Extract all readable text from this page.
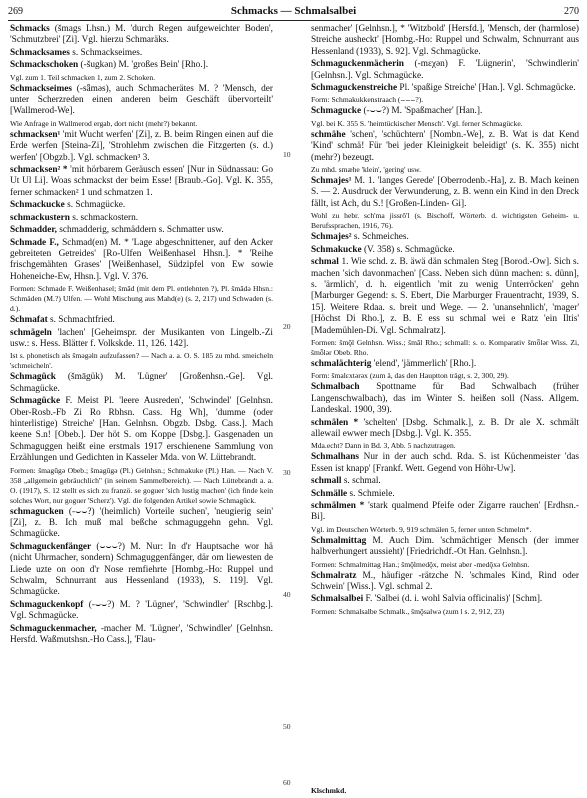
269	Schmacks — Schmalsalbei	270

Schmacks (šmags Lhsn.) M. 'durch Regen aufgeweichter Boden', 'Schmutzbrei' [Zi]. Vgl. hierzu Schmaräks.

Schmacksames s. Schmackseimes.

Schmackschoken (-šugkən) M. 'großes Bein' [Rho.].

Vgl. zum 1. Teil schmacken 1, zum 2. Schoken.

Schmackseimes (-sǟməs), auch Schmacherätes M. ? 'Mensch, der unter Scherzreden einen anderen beim Geschäft übervorteilt' [Wallmerod-We].

Wie Anfrage in Wallmerod ergab, dort nicht (mehr?) bekannt.

schmacksen¹ 'mit Wucht werfen' [Zi], z. B. beim Ringen einen auf die Erde werfen [Steina-Zi], 'Strohlehm zwischen die Fitzgerten (s. d.) werfen' [Obgzb.]. Vgl. schmacken³ 3.

schmacksen² * 'mit hörbarem Geräusch essen' [Nur in Südnassau: Go Ut Ul Li]. Woas schmackst der beim Esse! [Braub.-Go]. Vgl. K. 355, ferner schmacken² 1 und schmatzen 1.

Schmackucke s. Schmagücke.

schmackustern s. schmackostern.

Schmadder, schmadderig, schmäddern s. Schmatter usw.

Schmade F., Schmad(en) M. * 'Lage abgeschnittener, auf den Acker gebreiteten Getreides' [Ro-Ulfen Weißenhasel Hhsn.]. * 'Reihe frischgemähten Grases' [Weißenhasel, Südzipfel von Ew sowie Hoheneiche-Ew, Hhsn.]. Vgl. V. 376.

Formen: Schmade F. Weißenhasel; šmād (mit dem Pl. entlehnten ?), Pl. šmādə Hhsn.: Schmäden (M.?) Ulfen. — Wohl Mischung aus Mahd(e) (s. 2, 217) und Schwaden (s. d.).

Schmafat s. Schmachtfried.

schmägeln 'lachen' [Geheimspr. der Musikanten von Lingelb.-Zi usw.: s. Hess. Blätter f. Volkskde. 11, 126. 142].

Ist s. phonetisch als šməgəln aufzufassen? — Nach a. a. O. S. 185 zu mhd. smeicheln 'schmeicheln'.

Schmagück (šmāgük) M. 'Lügner' [Großenhsn.-Ge]. Vgl. Schmagücke.

Schmagücke F. Meist Pl. 'leere Ausreden', 'Schwindel' [Gelnhsn. Ober-Rosb.-Fb Zi Ro Rbhsn. Cass. Hg Wh], 'dumme (oder hinterlistige) Streiche' [Han. Gelnhsn. Obgzb. Dsbg. Cass.]. Mach keene S.n! [Obeb.]. Der höt S. om Koppe [Dsbg.]. Gasgenaden un Schmaguggen heißt eine erstmals 1917 erschienene Sammlung von Erzählungen und Gedichten in Kasseler Mda. von W. Lüttebrandt.

Formen: šmagūgə Obeb.; šmagūgə (Pl.) Gelnhsn.; Schmakuke (Pl.) Han. — Nach V. 358 „allgemein gebräuchlich" (in seinem Sammelbereich). — Nach Lüttebrandt a. a. O. (1917), S. 12 stellt es sich zu franzö. se goguer 'sich lustig machen' (ich finde kein solches Wort, nur goguer 'Scherz'). Vgl. die folgenden Artikel sowie Schmagück.

schmagucken (-⌣⌣?) '(heimlich) Vorteile suchen', 'neugierig sein' [Zi], z. B. Ich muß mal beßche schmaguggehn gehn. Vgl. Schmagücke.

Schmaguckenfänger (⌣⌣⌣?) M. Nur: In d'r Hauptsache wor hä (nicht Uhrmacher, sondern) Schmaguggenfänger, där om liewesten de Liede uzte on oon d'r Nose remfiehrte [Hombg.-Ho: Ruppel und Schwalm, Schnurrant aus Hessenland (1933), S. 119]. Vgl. Schmagücke.

Schmaguckenkopf (-⌣⌣?) M. ? 'Lügner', 'Schwindler' [Rschbg.]. Vgl. Schmagücke.

Schmaguckenmacher, -macher M. 'Lügner', 'Schwindler' [Gelnhsn. Hersfd. Waßmutshsn.-Ho Cass.], 'Flau-

senmacher' [Gelnhsn.], * 'Witzbold' [Hersfd.], 'Mensch, der (harmlose) Streiche ausheckt' [Hombg.-Ho: Ruppel und Schwalm, Schnurrant aus Hessenland (1933), S. 92]. Vgl. Schmagücke.

Schmaguckenmächerin (-mɛχən) F. 'Lügnerin', 'Schwindlerin' [Gelnhsn.]. Vgl. Schmagücke.

Schmaguckenstreiche Pl. 'spaßige Streiche' [Han.]. Vgl. Schmagücke.

Form: Schmakukkenstraach (⌣⌣⌣?).

Schmagucke (-⌣⌣?) M. 'Spaßmacher' [Han.].

Vgl. bei K. 355 S. 'heimtückischer Mensch'. Vgl. ferner Schmagücke.

schmähe 'schen', 'schüchtern' [Nombn.-We], z. B. Wat is dat Kend 'Kind' schmä! Für 'bei jeder Kleinigkeit beleidigt' (s. K. 355) nicht (mehr?) bezeugt.

Zu mhd. smæhe 'klein', 'gering' usw.

Schmajes¹ M. 1. 'langes Gerede' [Oberrodenb.-Ha], z. B. Mach keinen S. — 2. Ausdruck der Verwunderung, z. B. wenn ein Kind in den Dreck fällt, ist Ach, du S.! [Großen-Linden- Gi].

Wohl zu hebr. sch'ma jissrô'l (s. Bischoff, Wörterb. d. wichtigsten Geheim- u. Berufssprachen, 1916, 76).

Schmajes² s. Schmeiches.

Schmakucke (V. 358) s. Schmagücke.

schmal 1. Wie schd. z. B. äwä dän schmalen Steg [Borod.-Ow]. Sich s. machen 'sich davonmachen' [Cass. Neben sich dünn machen: s. dünn], s. 'ärmlich', d. h. eigentlich 'mit zu wenig Unterröcken' gehn [Marburger Gegend: s. S. Ebert, Die Marburger Frauentracht, 1939, S. 15]. Weitere Rdaa. s. breit und Wege. — 2. 'unansehnlich', 'mager' [Höchst Di Rho.], z. B. E ess su schmal wei e Ratz 'ein Iltis' [Mademühlen-Di. Vgl. Schmalratz].

Formen: šmǭl Gelnhsn. Wiss.; šmāl Rho.; schmall: s. o. Komparativ šmȫlər Wiss. Zi, šmȫlər Obeb. Rho.

schmalächterig 'elend', 'jämmerlich' [Rho.].

Form: šmalɛxtərəx (zum ä, das den Hauptton trägt, s. 2, 300, 29).

Schmalbach Spottname für Bad Schwalbach (früher Langenschwalbach), das im Winter S. heißen soll (Nass. Allgem. Landeskal. 1900, 39).

schmälen * 'schelten' [Dsbg. Schmalk.], z. B. Dr ale X. schmält allewail ewwer mech [Dsbg.]. Vgl. K. 355.

Mda.echt? Dann in Bd. 3, Abb. 5 nachzutragen.

Schmalhans Nur in der auch schd. Rda. S. ist Küchenmeister 'das Essen ist knapp' [Frankf. Wett. Gegend von Höhr-Uw].

schmall s. schmal.

Schmälle s. Schmiele.

schmälmen * 'stark qualmend Pfeife oder Zigarre rauchen' [Erdhsn.-Bi].

Vgl. im Deutschen Wörterb. 9, 919 schmälen 5, ferner unten Schmelm*.

Schmalmittag M. Auch Dim. 'schmächtiger Mensch (der immer halbverhungert aussieht)' [Friedrichdf.-Ot Han. Gelnhsn.].

Formen: Schmalmittag Han.; šmǭlmedǭx, meist aber -medǭxə Gelnhsn.

Schmalratz M., häufiger -rätzche N. 'schmales Kind, Rind oder Schwein' [Wiss.]. Vgl. schmal 2.

Schmalsalbei F. 'Salbei (d. i. wohl Salvia officinalis)' [Schm].

Formen: Schmalsalbe Schmalk., šmǭsalwə (zum l s. 2, 912, 23)

10
20
30
40
50
60
Klschmkd.
